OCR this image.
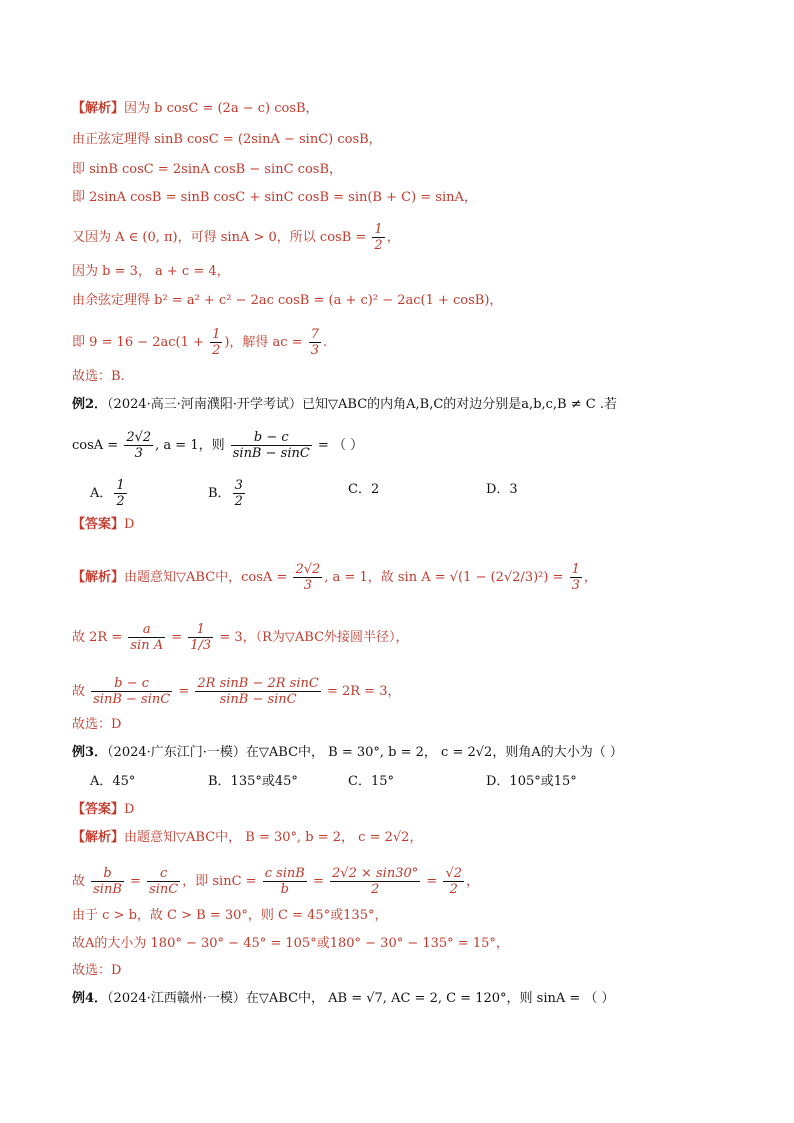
【解析】因为 b cosC = (2a − c) cosB，
由正弦定理得 sinB cosC = (2sinA − sinC) cosB，
即 sinB cosC = 2sinA cosB − sinC cosB，
即 2sinA cosB = sinB cosC + sinC cosB = sin(B + C) = sinA，
又因为 A ∈ (0, π)，可得 sinA > 0，所以 $\cos B = \frac{1}{2}$ ，
因为 b = 3， a + c = 4，
由余弦定理得 b² = a² + c² − 2ac cosB = (a + c)² − 2ac(1 + cosB)，
即 $9 = 16 - 2ac(1 + \frac{1}{2}$ )，解得 ac = $\frac{7}{3}$ .
故选：B.
例2．（2024·高三·河南濮阳·开学考试）已知▽ABC的内角A,B,C的对边分别是a,b,c,B ≠ C .若
$\cos A = \frac{2√2}{3}$ , a = 1，则 $\frac{b - c}{\sin B - \sin C}$ = （ ）
A． $\frac{1}{2}$	B． $\frac{3}{2}$	C．2	D．3
【答案】D
【解析】由题意知▽ABC中，$\cos A = \frac{2√2}{3}$ , a = 1，故 $\sin A = √(1 - (2√2/3)^2) = \frac{1}{3}$ ，
故 $2R = \frac{a}{\text{sin A}} = \frac{1}{1/3} = 3$，（R为▽ABC外接圆半径），
故 $\frac{b - c}{\sin B - \sin C} = \frac{\text{2R sinB − 2R sinC}}{\sin B - \sin C} = 2R = 3$，
故选：D
例3．（2024·广东江门·一模）在▽ABC中， B = 30°, b = 2， c = 2√2，则角A的大小为（ ）
A．45°	B．135°或45°	C．15°	D．105°或15°
【答案】D
【解析】由题意知▽ABC中， B = 30°, b = 2， c = 2√2，
故 $\frac{b}{\sin B} = \frac{c}{\sin C}$ ，即 $\sin C = \frac{\text{c sinB}}{b} = \frac{2√2 \times \sin 30^\circ}{2} = \frac{√2}{2}$ ，
由于 c > b，故 C > B = 30°，则 C = 45°或135°，
故A的大小为 180° − 30° − 45° = 105°或180° − 30° − 135° = 15°，
故选：D
例4．（2024·江西赣州·一模）在▽ABC中， AB = √7, AC = 2, C = 120°，则 sinA = （ ）
